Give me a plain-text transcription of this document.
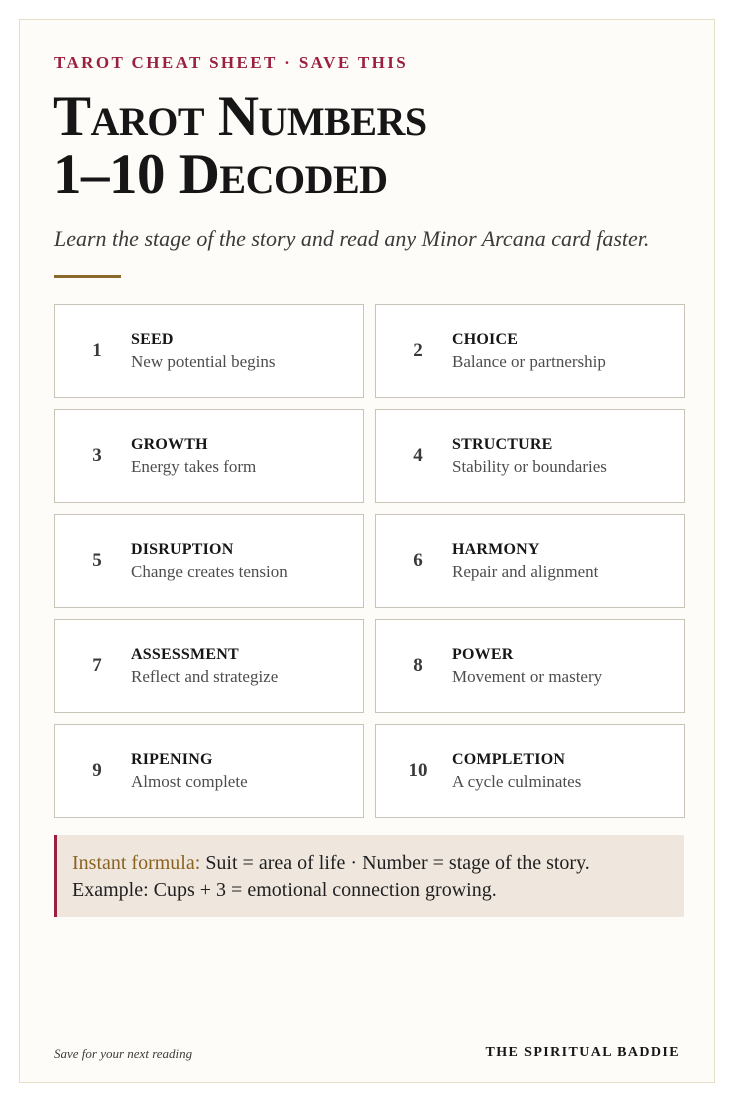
TAROT CHEAT SHEET · SAVE THIS
Tarot Numbers
1–10 Decoded
Learn the stage of the story and read any Minor Arcana card faster.
1
SEED
New potential begins
2
CHOICE
Balance or partnership
3
GROWTH
Energy takes form
4
STRUCTURE
Stability or boundaries
5
DISRUPTION
Change creates tension
6
HARMONY
Repair and alignment
7
ASSESSMENT
Reflect and strategize
8
POWER
Movement or mastery
9
RIPENING
Almost complete
10
COMPLETION
A cycle culminates
Instant formula: Suit = area of life · Number = stage of the story. Example: Cups + 3 = emotional connection growing.
Save for your next reading	THE SPIRITUAL BADDIE
